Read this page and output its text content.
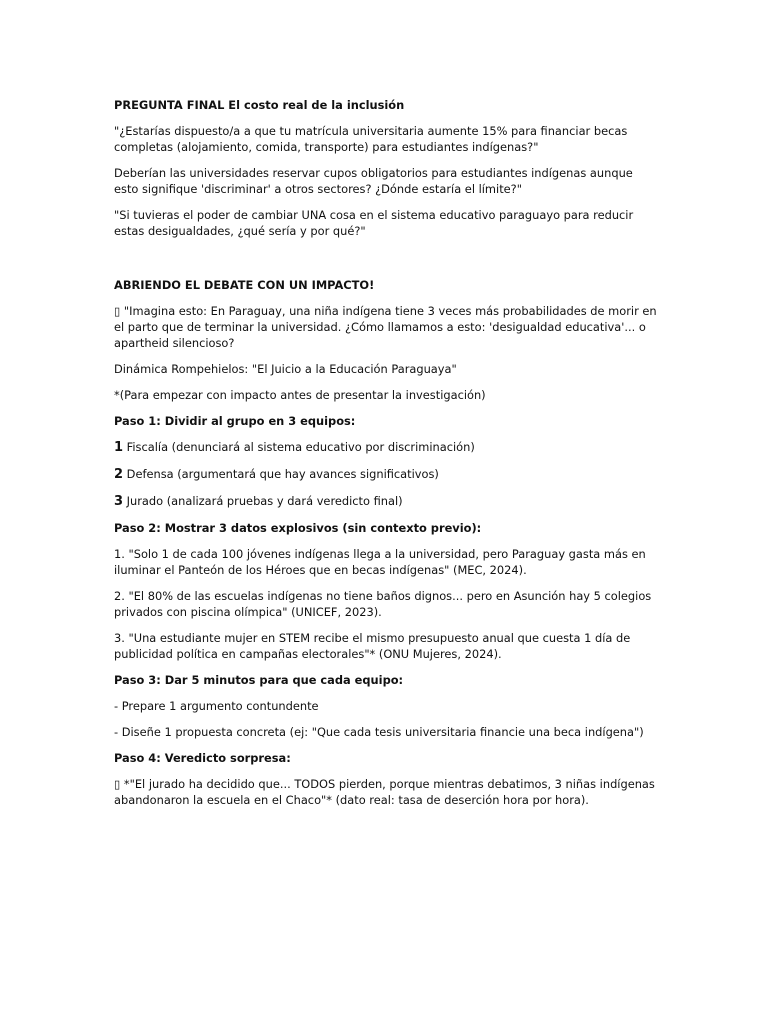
PREGUNTA FINAL El costo real de la inclusión

"¿Estarías dispuesto/a a que tu matrícula universitaria aumente 15% para financiar becas completas (alojamiento, comida, transporte) para estudiantes indígenas?"

Deberían las universidades reservar cupos obligatorios para estudiantes indígenas aunque esto signifique 'discriminar' a otros sectores? ¿Dónde estaría el límite?"

"Si tuvieras el poder de cambiar UNA cosa en el sistema educativo paraguayo para reducir estas desigualdades, ¿qué sería y por qué?"

ABRIENDO EL DEBATE CON UN IMPACTO!

▯ "Imagina esto: En Paraguay, una niña indígena tiene 3 veces más probabilidades de morir en el parto que de terminar la universidad. ¿Cómo llamamos a esto: 'desigualdad educativa'... o apartheid silencioso?

Dinámica Rompehielos: "El Juicio a la Educación Paraguaya"

*(Para empezar con impacto antes de presentar la investigación)

Paso 1: Dividir al grupo en 3 equipos:

1 Fiscalía (denunciará al sistema educativo por discriminación)

2 Defensa (argumentará que hay avances significativos)

3 Jurado (analizará pruebas y dará veredicto final)

Paso 2: Mostrar 3 datos explosivos (sin contexto previo):

1. "Solo 1 de cada 100 jóvenes indígenas llega a la universidad, pero Paraguay gasta más en iluminar el Panteón de los Héroes que en becas indígenas" (MEC, 2024).

2. "El 80% de las escuelas indígenas no tiene baños dignos... pero en Asunción hay 5 colegios privados con piscina olímpica" (UNICEF, 2023).

3. "Una estudiante mujer en STEM recibe el mismo presupuesto anual que cuesta 1 día de publicidad política en campañas electorales"* (ONU Mujeres, 2024).

Paso 3: Dar 5 minutos para que cada equipo:

- Prepare 1 argumento contundente

- Diseñe 1 propuesta concreta (ej: "Que cada tesis universitaria financie una beca indígena")

Paso 4: Veredicto sorpresa:

▯ *"El jurado ha decidido que... TODOS pierden, porque mientras debatimos, 3 niñas indígenas abandonaron la escuela en el Chaco"* (dato real: tasa de deserción hora por hora).
